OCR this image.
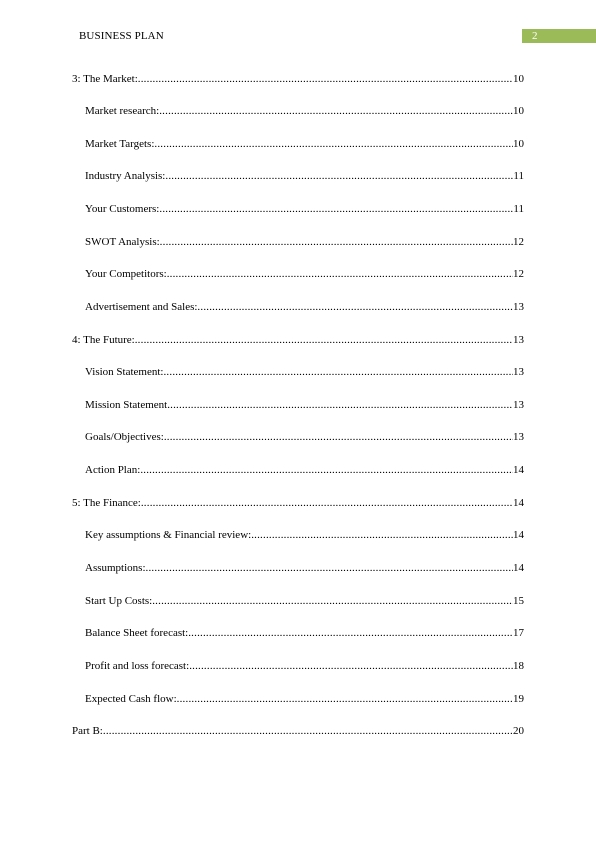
BUSINESS PLAN	2
3: The Market: .....	10
Market research: .....	10
Market Targets: .....	10
Industry Analysis: .....	11
Your Customers: .....	11
SWOT Analysis: .....	12
Your Competitors: .....	12
Advertisement and Sales: .....	13
4: The Future: .....	13
Vision Statement: .....	13
Mission Statement .....	13
Goals/Objectives: .....	13
Action Plan: .....	14
5: The Finance: .....	14
Key assumptions & Financial review: .....	14
Assumptions: .....	14
Start Up Costs: .....	15
Balance Sheet forecast: .....	17
Profit and loss forecast: .....	18
Expected Cash flow: .....	19
Part B: .....	20
